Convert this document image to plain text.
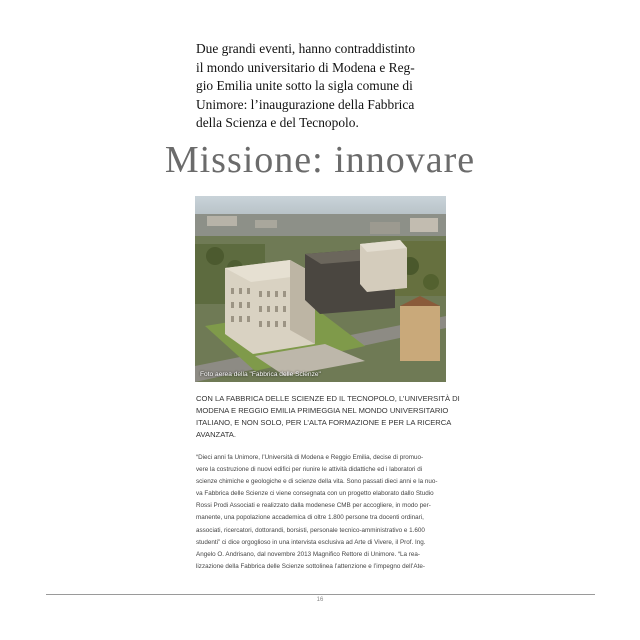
Due grandi eventi, hanno contraddistinto
il mondo universitario di Modena e Reg-
gio Emilia unite sotto la sigla comune di
Unimore: l’inaugurazione della Fabbrica
della Scienza e del Tecnopolo.
Missione: innovare
Foto aerea della "Fabbrica delle Scienze"
CON LA FABBRICA DELLE SCIENZE ED IL TECNOPOLO, L’UNIVERSITÀ DI
MODENA E REGGIO EMILIA PRIMEGGIA NEL MONDO UNIVERSITARIO
ITALIANO, E NON SOLO, PER L’ALTA FORMAZIONE E PER LA RICERCA
AVANZATA.
“Dieci anni fa Unimore, l’Università di Modena e Reggio Emilia, decise di promuo-
vere la costruzione di nuovi edifici per riunire le attività didattiche ed i laboratori di
scienze chimiche e geologiche e di scienze della vita. Sono passati dieci anni e la nuo-
va Fabbrica delle Scienze ci viene consegnata con un progetto elaborato dallo Studio
Rossi Prodi Associati e realizzato dalla modenese CMB per accogliere, in modo per-
manente, una popolazione accademica di oltre 1.800 persone tra docenti ordinari,
associati, ricercatori, dottorandi, borsisti, personale tecnico-amministrativo e 1.600
studenti” ci dice orgoglioso in una intervista esclusiva ad Arte di Vivere, il Prof. Ing.
Angelo O. Andrisano, dal novembre 2013 Magnifico Rettore di Unimore. “La rea-
lizzazione della Fabbrica delle Scienze sottolinea l’attenzione e l’impegno dell’Ate-
16
